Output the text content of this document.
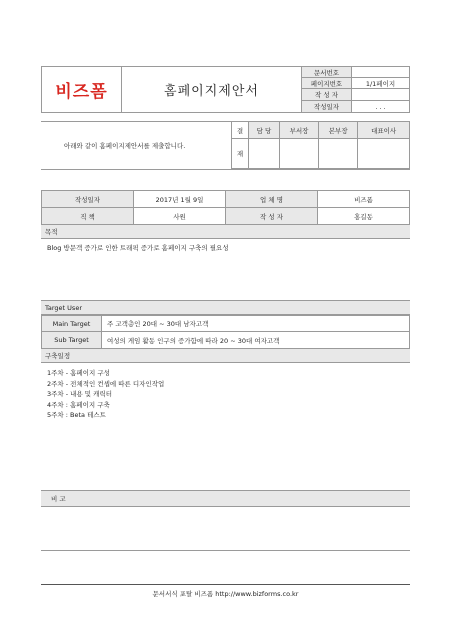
비즈폼	홈페이지제안서	문서번호	
		페이지번호	1/1페이지
		작 성 자	
		작성일자	. . .
아래와 같이 홈페이지제안서를 제출합니다.
결	담 당	부서장	본부장	대표이사
재				
작성일자	2017년 1월 9일	업 체 명	비즈폼
직 책	사원	작 성 자	홍길동
목적
Blog 방문객 증가로 인한 트래픽 증가로 홈페이지 구축의 필요성
Target User
Main Target	주 고객층인 20대 ~ 30대 남자고객
Sub Target	여성의 게임 활동 인구의 증가함에 따라 20 ~ 30대 여자고객
구축일정
1주차 - 홈페이지 구성
2주차 - 전체적인 컨셉에 따른 디자인작업
3주차 - 내용 및 캐릭터
4주차 : 홈페이지 구축
5주차 : Beta 테스트
비 고
문서서식 포탈 비즈폼 http://www.bizforms.co.kr
